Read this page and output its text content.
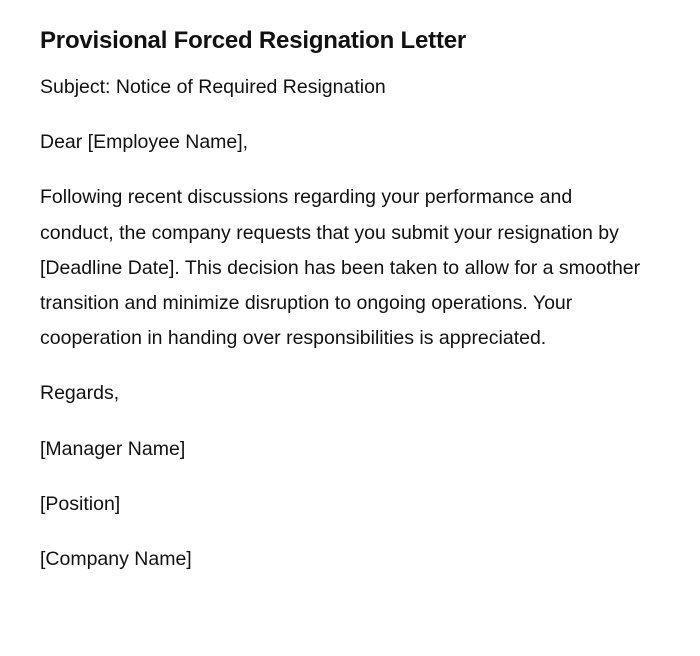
Provisional Forced Resignation Letter

Subject: Notice of Required Resignation

Dear [Employee Name],

Following recent discussions regarding your performance and conduct, the company requests that you submit your resignation by [Deadline Date]. This decision has been taken to allow for a smoother transition and minimize disruption to ongoing operations. Your cooperation in handing over responsibilities is appreciated.

Regards,

[Manager Name]

[Position]

[Company Name]
